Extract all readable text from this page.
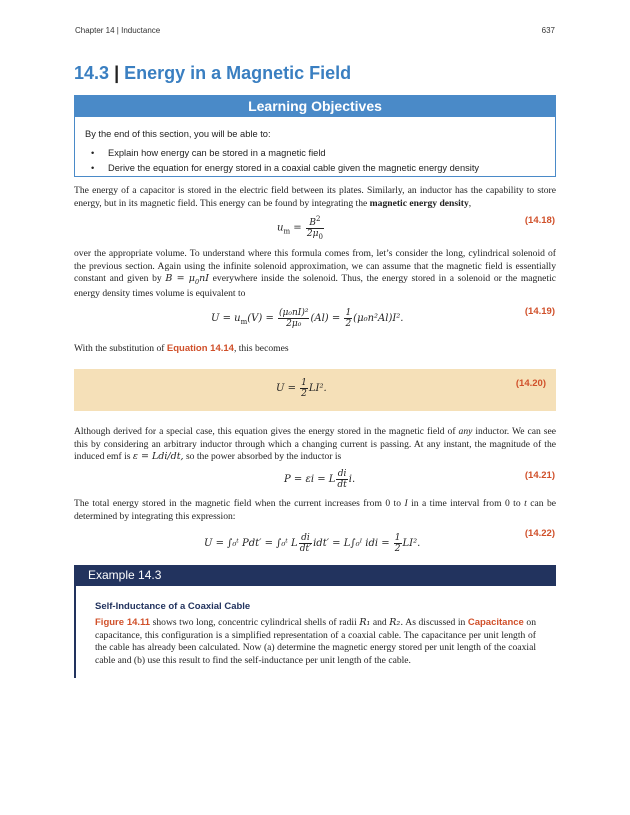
Chapter 14 | Inductance	637
14.3 | Energy in a Magnetic Field
Learning Objectives
By the end of this section, you will be able to:
• Explain how energy can be stored in a magnetic field
• Derive the equation for energy stored in a coaxial cable given the magnetic energy density
The energy of a capacitor is stored in the electric field between its plates. Similarly, an inductor has the capability to store energy, but in its magnetic field. This energy can be found by integrating the magnetic energy density,
$u_m = \frac{B^2}{2\mu_0}$	(14.18)
over the appropriate volume. To understand where this formula comes from, let’s consider the long, cylindrical solenoid of the previous section. Again using the infinite solenoid approximation, we can assume that the magnetic field is essentially constant and given by $B = \mu_0nI$ everywhere inside the solenoid. Thus, the energy stored in a solenoid or the magnetic energy density times volume is equivalent to
$U = u_m(V) = \frac{\text{(μ₀nI)²}}{\text{2μ₀}} (Al) = \frac{1}{2} (\mu_0n^2Al)I^2$.
(14.19)
With the substitution of Equation 14.14, this becomes
$U = \frac{1}{2} LI^2$.	(14.20)
Although derived for a special case, this equation gives the energy stored in the magnetic field of any inductor. We can see this by considering an arbitrary inductor through which a changing current is passing. At any instant, the magnitude of the induced emf is ε = Ldi/dt, so the power absorbed by the inductor is
P = εi = L $\frac{di}{dt} i$.	(14.21)
The total energy stored in the magnetic field when the current increases from 0 to I in a time interval from 0 to t can be determined by integrating this expression:
U = ∫₀ᵗ Pdt′ = ∫₀ᵗ L $\frac{di}{dt'} idt'$ = L∫₀ᴵ idi = $\frac{1}{2} LI^2$.
(14.22)
Example 14.3
Self-Inductance of a Coaxial Cable
Figure 14.11 shows two long, concentric cylindrical shells of radii R₁ and R₂. As discussed in Capacitance on capacitance, this configuration is a simplified representation of a coaxial cable. The capacitance per unit length of the cable has already been calculated. Now (a) determine the magnetic energy stored per unit length of the coaxial cable and (b) use this result to find the self-inductance per unit length of the cable.
